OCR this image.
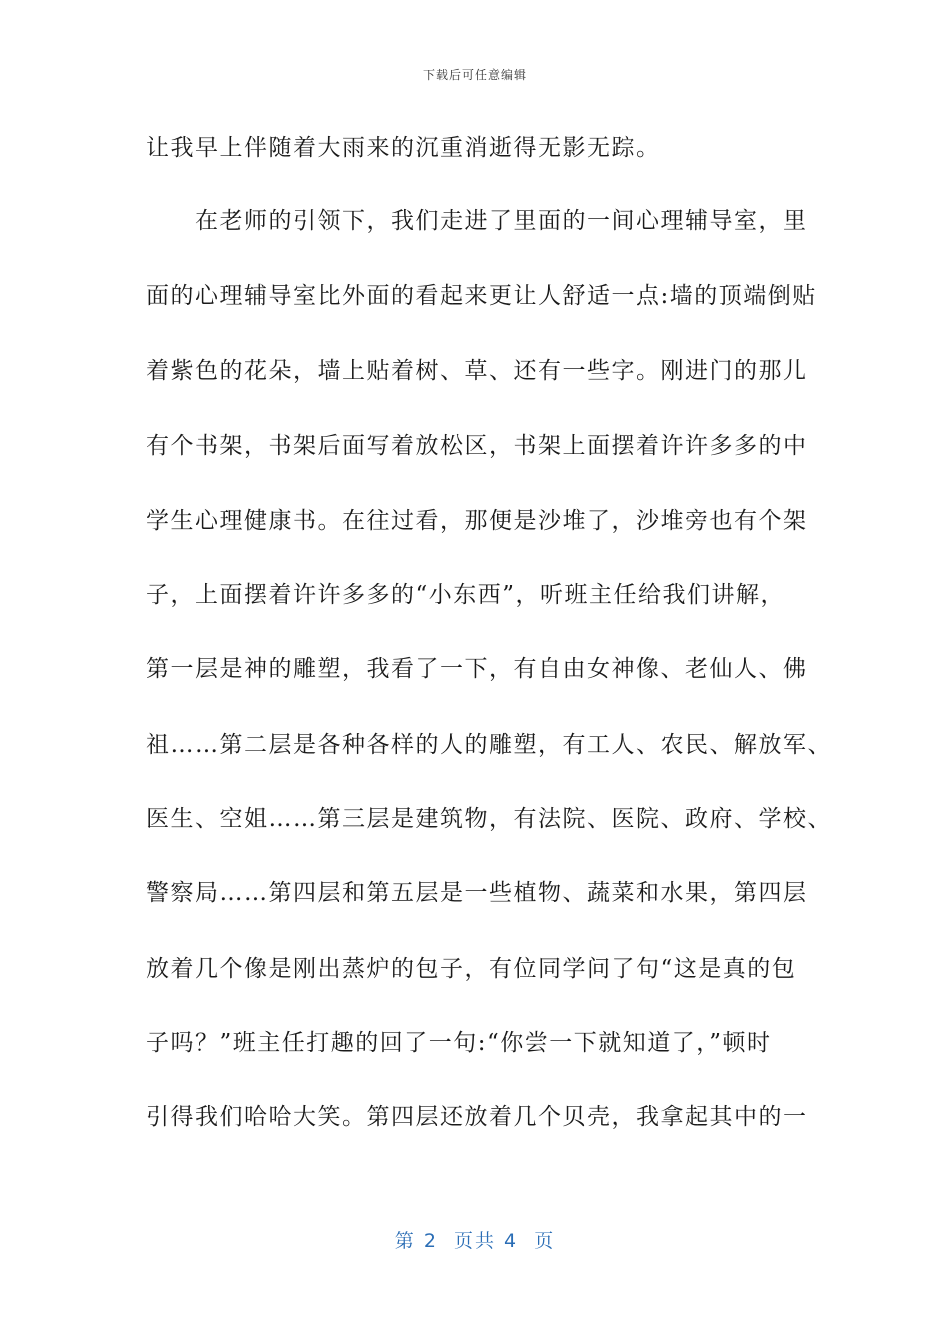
下载后可任意编辑
让我早上伴随着大雨来的沉重消逝得无影无踪。
　　在老师的引领下，我们走进了里面的一间心理辅导室，里
面的心理辅导室比外面的看起来更让人舒适一点:墙的顶端倒贴
着紫色的花朵，墙上贴着树、草、还有一些字。刚进门的那儿
有个书架，书架后面写着放松区，书架上面摆着许许多多的中
学生心理健康书。在往过看，那便是沙堆了，沙堆旁也有个架
子，上面摆着许许多多的“小东西”，听班主任给我们讲解，
第一层是神的雕塑，我看了一下，有自由女神像、老仙人、佛
祖……第二层是各种各样的人的雕塑，有工人、农民、解放军、
医生、空姐……第三层是建筑物，有法院、医院、政府、学校、
警察局……第四层和第五层是一些植物、蔬菜和水果，第四层
放着几个像是刚出蒸炉的包子，有位同学问了句“这是真的包
子吗？”班主任打趣的回了一句:“你尝一下就知道了，”顿时
引得我们哈哈大笑。第四层还放着几个贝壳，我拿起其中的一
第 2  页共 4  页
